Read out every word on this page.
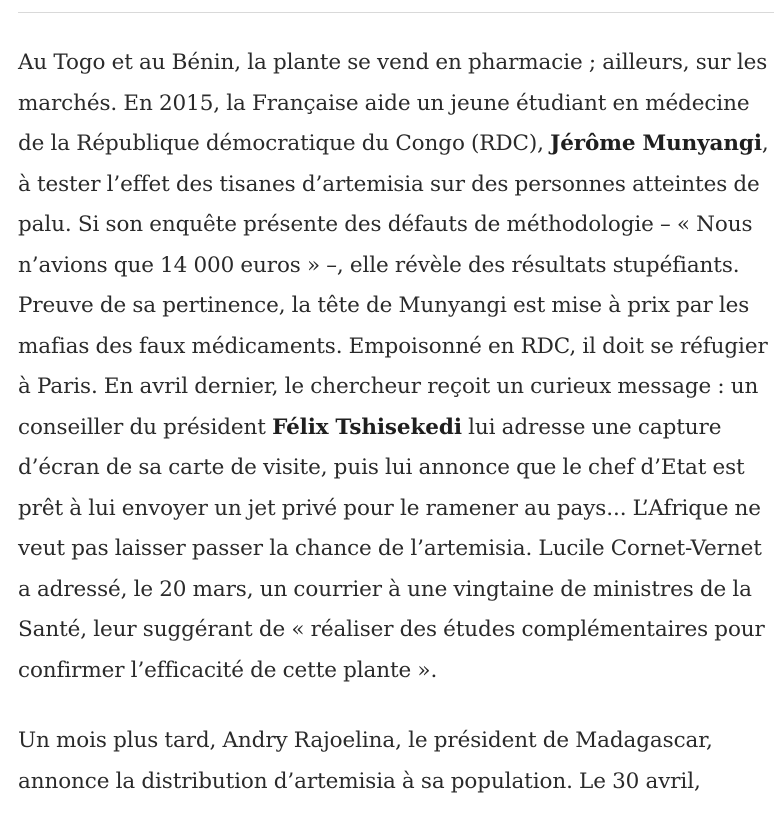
Au Togo et au Bénin, la plante se vend en pharmacie ; ailleurs, sur les marchés. En 2015, la Française aide un jeune étudiant en médecine de la République démocratique du Congo (RDC), Jérôme Munyangi, à tester l’effet des tisanes d’artemisia sur des personnes atteintes de palu. Si son enquête présente des défauts de méthodologie – « Nous n’avions que 14 000 euros » –, elle révèle des résultats stupéfiants. Preuve de sa pertinence, la tête de Munyangi est mise à prix par les mafias des faux médicaments. Empoisonné en RDC, il doit se réfugier à Paris. En avril dernier, le chercheur reçoit un curieux message : un conseiller du président Félix Tshisekedi lui adresse une capture d’écran de sa carte de visite, puis lui annonce que le chef d’Etat est prêt à lui envoyer un jet privé pour le ramener au pays... L’Afrique ne veut pas laisser passer la chance de l’artemisia. Lucile Cornet-Vernet a adressé, le 20 mars, un courrier à une vingtaine de ministres de la Santé, leur suggérant de « réaliser des études complémentaires pour confirmer l’efficacité de cette plante ».

Un mois plus tard, Andry Rajoelina, le président de Madagascar, annonce la distribution d’artemisia à sa population. Le 30 avril,
